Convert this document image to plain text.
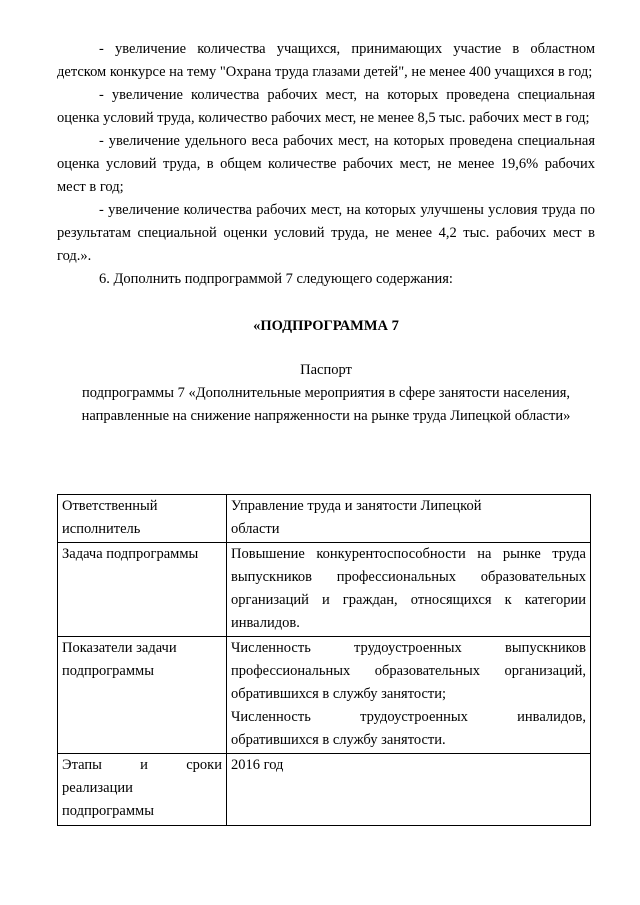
- увеличение количества учащихся, принимающих участие в областном детском конкурсе на тему "Охрана труда глазами детей", не менее 400 учащихся в год;

- увеличение количества рабочих мест, на которых проведена специальная оценка условий труда, количество рабочих мест, не менее 8,5 тыс. рабочих мест в год;

- увеличение удельного веса рабочих мест, на которых проведена специальная оценка условий труда, в общем количестве рабочих мест, не менее 19,6% рабочих мест в год;

- увеличение количества рабочих мест, на которых улучшены условия труда по результатам специальной оценки условий труда, не менее 4,2 тыс. рабочих мест в год.».

6. Дополнить подпрограммой 7 следующего содержания:

«ПОДПРОГРАММА 7
Паспорт
подпрограммы 7 «Дополнительные мероприятия в сфере занятости населения,
направленные на снижение напряженности на рынке труда Липецкой области»
Ответственный
исполнитель	Управление труда и занятости Липецкой
области

Задача подпрограммы	Повышение конкурентоспособности на рынке труда выпускников профессиональных образовательных организаций и граждан, относящихся к категории инвалидов.

Показатели задачи
подпрограммы	Численность трудоустроенных выпускников профессиональных образовательных организаций, обратившихся в службу занятости;
Численность трудоустроенных инвалидов, обратившихся в службу занятости.

Этапы и сроки реализации подпрограммы	2016 год
